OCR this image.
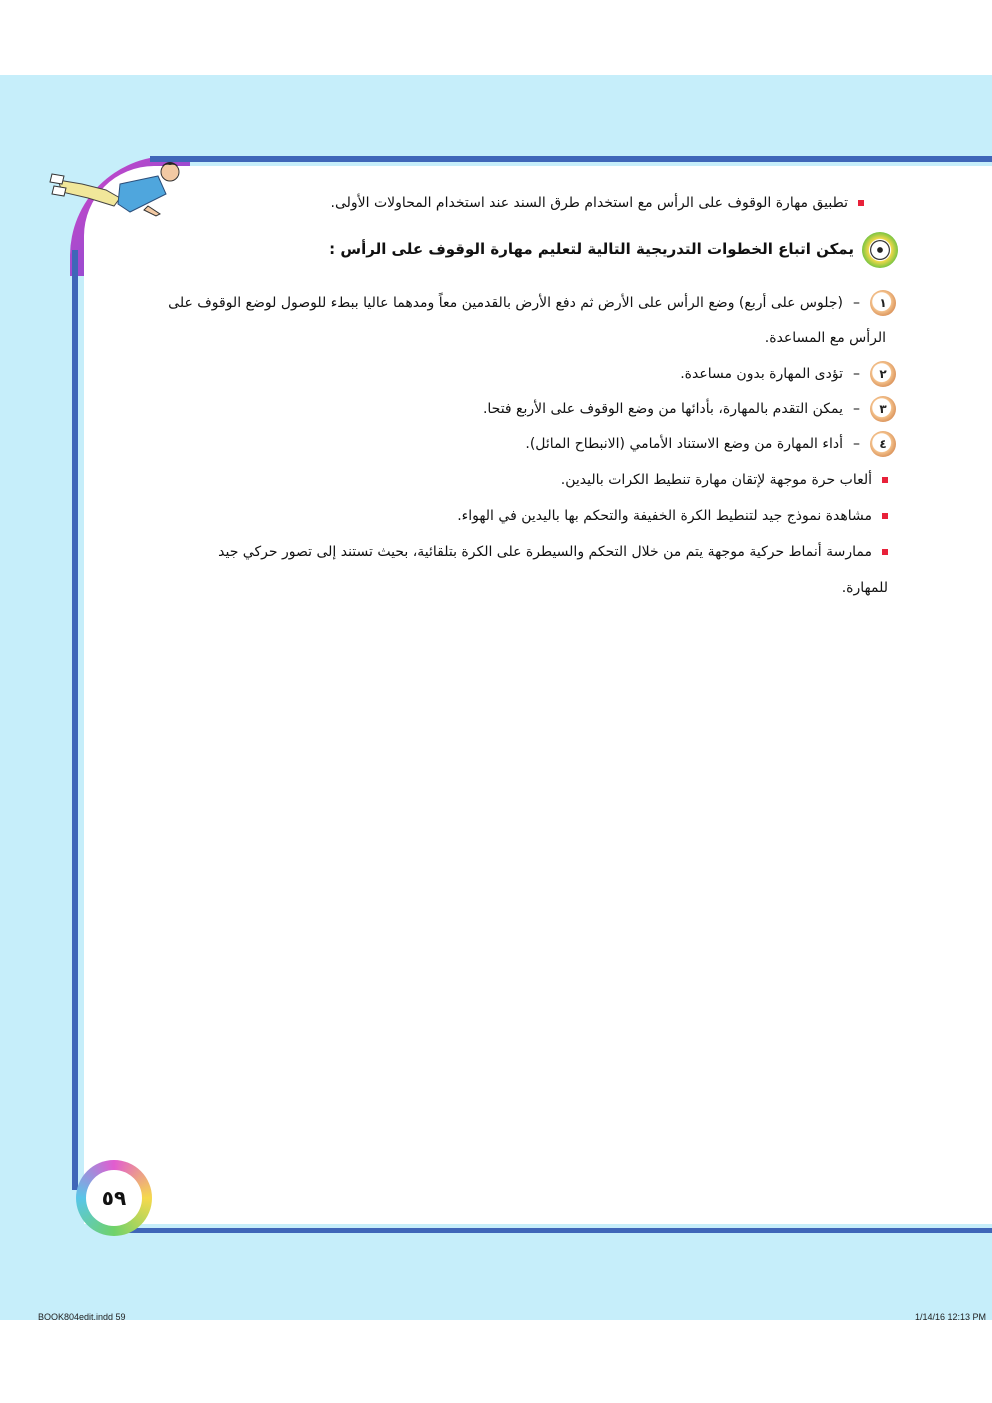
تطبيق مهارة الوقوف على الرأس مع استخدام طرق السند عند استخدام المحاولات الأولى.
يمكن اتباع الخطوات التدريجية التالية لتعليم مهارة الوقوف على الرأس :
١–(جلوس على أربع) وضع الرأس على الأرض ثم دفع الأرض بالقدمين معاً ومدهما عاليا ببطء للوصول لوضع الوقوف على
الرأس مع المساعدة.
٢–تؤدى المهارة بدون مساعدة.
٣–يمكن التقدم بالمهارة، بأدائها من وضع الوقوف على الأربع فتحا.
٤–أداء المهارة من وضع الاستناد الأمامي (الانبطاح المائل).
ألعاب حرة موجهة لإتقان مهارة تنطيط الكرات باليدين.
مشاهدة نموذج جيد لتنطيط الكرة الخفيفة والتحكم بها باليدين في الهواء.
ممارسة أنماط حركية موجهة يتم من خلال التحكم والسيطرة على الكرة بتلقائية، بحيث تستند إلى تصور حركي جيد
للمهارة.
٥٩
BOOK804edit.indd 59	1/14/16 12:13 PM
